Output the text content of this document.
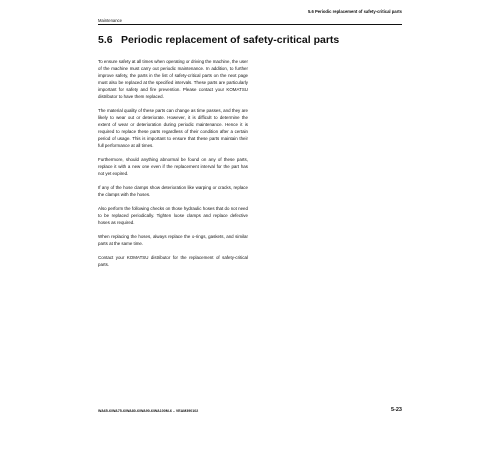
5.6 Periodic replacement of safety-critical parts
Maintenance
5.6 Periodic replacement of safety-critical parts

To ensure safety at all times when operating or driving the machine, the user of the machine must carry out periodic maintenance. In addition, to further improve safety, the parts in the list of safety-critical parts on the next page must also be replaced at the specified intervals. These parts are particularly important for safety and fire prevention. Please contact your KOMATSU distributor to have them replaced.

The material quality of these parts can change as time passes, and they are likely to wear out or deteriorate. However, it is difficult to determine the extent of wear or deterioration during periodic maintenance. Hence it is required to replace these parts regardless of their condition after a certain period of usage. This is important to ensure that these parts maintain their full performance at all times.

Furthermore, should anything abnormal be found on any of these parts, replace it with a new one even if the replacement interval for the part has not yet expired.

If any of the hose clamps show deterioration like warping or cracks, replace the clamps with the hoses.

Also perform the following checks on those hydraulic hoses that do not need to be replaced periodically. Tighten loose clamps and replace defective hoses as required.

When replacing the hoses, always replace the o-rings, gaskets, and similar parts at the same time.

Contact your KOMATSU distributor for the replacement of safety-critical parts.

WA65-6/WA75-6/WA80-6/WA90-6/WA100M-6 – VEAM390102	5-23
